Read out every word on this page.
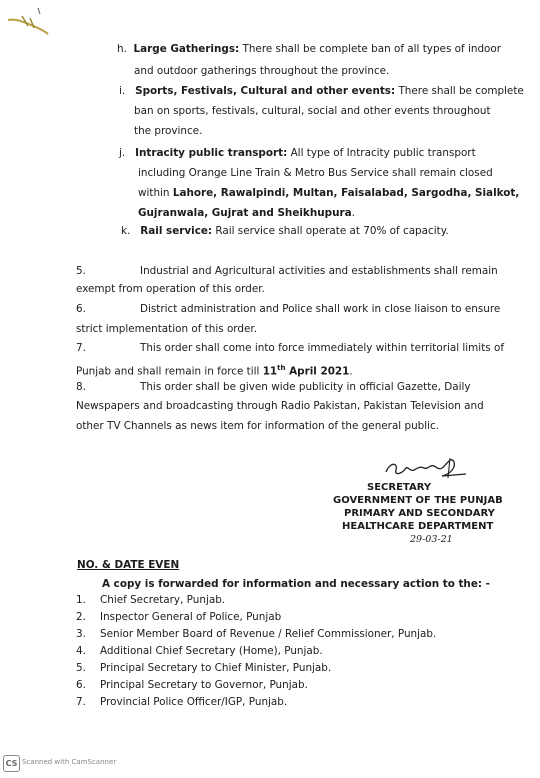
h. Large Gatherings: There shall be complete ban of all types of indoor
and outdoor gatherings throughout the province.
i. Sports, Festivals, Cultural and other events: There shall be complete
ban on sports, festivals, cultural, social and other events throughout
the province.
j. Intracity public transport: All type of Intracity public transport
including Orange Line Train & Metro Bus Service shall remain closed
within Lahore, Rawalpindi, Multan, Faisalabad, Sargodha, Sialkot,
Gujranwala, Gujrat and Sheikhupura.
k. Rail service: Rail service shall operate at 70% of capacity.
5.	Industrial and Agricultural activities and establishments shall remain
exempt from operation of this order.
6.	District administration and Police shall work in close liaison to ensure
strict implementation of this order.
7.	This order shall come into force immediately within territorial limits of
Punjab and shall remain in force till 11th April 2021.
8.	This order shall be given wide publicity in official Gazette, Daily
Newspapers and broadcasting through Radio Pakistan, Pakistan Television and
other TV Channels as news item for information of the general public.
SECRETARY
GOVERNMENT OF THE PUNJAB
PRIMARY AND SECONDARY
HEALTHCARE DEPARTMENT
29-03-21
NO. & DATE EVEN
A copy is forwarded for information and necessary action to the: -
1. Chief Secretary, Punjab.
2. Inspector General of Police, Punjab
3. Senior Member Board of Revenue / Relief Commissioner, Punjab.
4. Additional Chief Secretary (Home), Punjab.
5. Principal Secretary to Chief Minister, Punjab.
6. Principal Secretary to Governor, Punjab.
7. Provincial Police Officer/IGP, Punjab.
CS Scanned with CamScanner
